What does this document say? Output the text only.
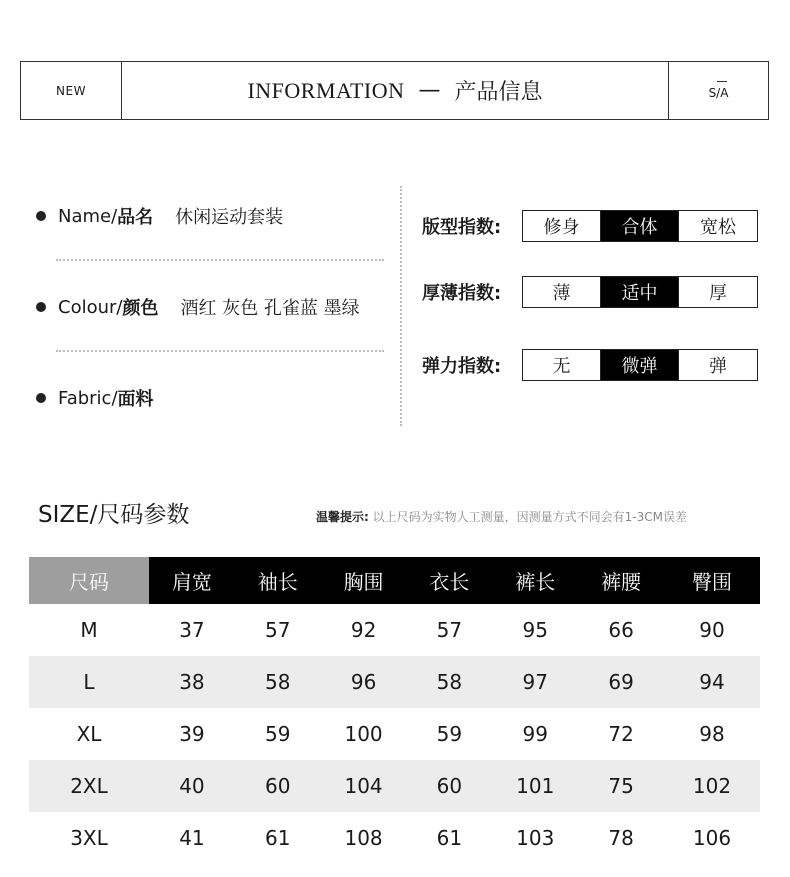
NEW	INFORMATION — 产品信息	S/A
Name/ 品名 休闲运动套装
Colour/ 颜色 酒红 灰色 孔雀蓝 墨绿
Fabric/ 面料
版型指数:	修身	合体	宽松
厚薄指数:	薄	适中	厚
弹力指数:	无	微弹	弹
SIZE/尺码参数	温馨提示: 以上尺码为实物人工测量，因测量方式不同会有1-3CM误差
尺码	肩宽	袖长	胸围	衣长	裤长	裤腰	臀围
M	37	57	92	57	95	66	90
L	38	58	96	58	97	69	94
XL	39	59	100	59	99	72	98
2XL	40	60	104	60	101	75	102
3XL	41	61	108	61	103	78	106
